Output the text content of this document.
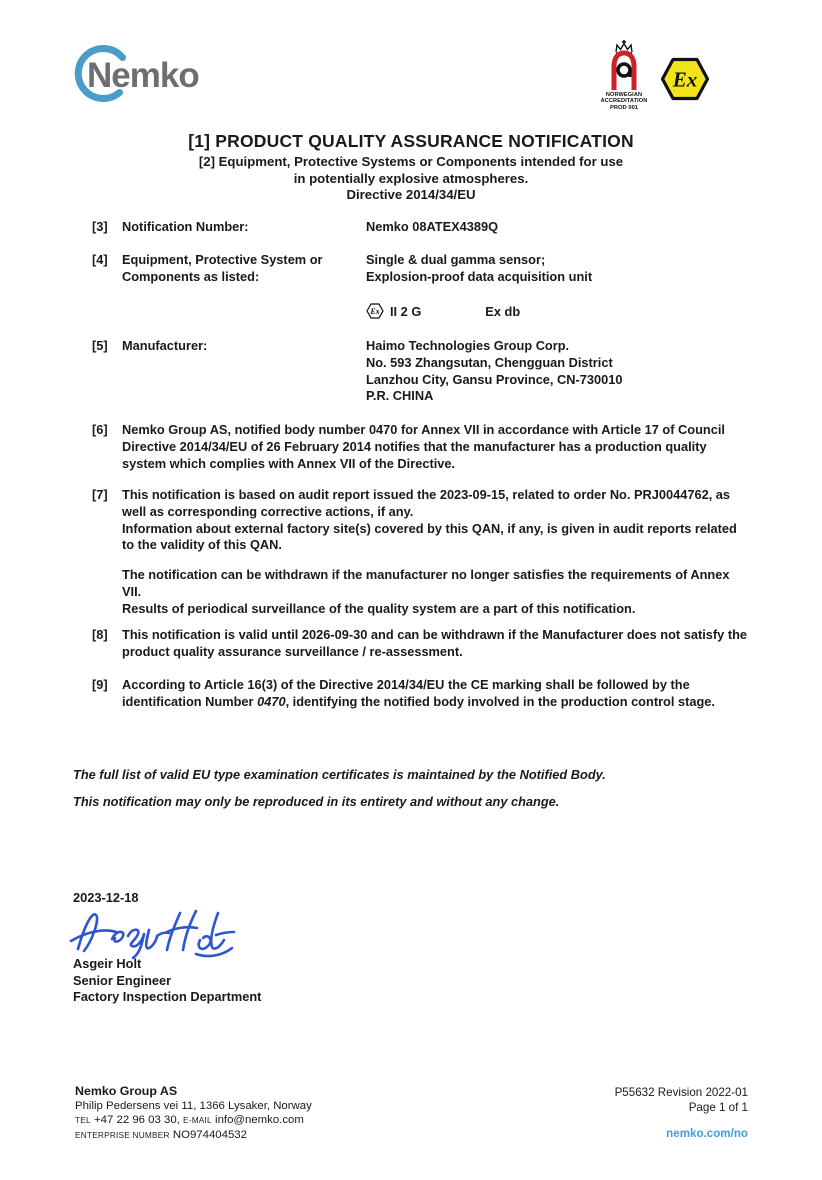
Nemko	NORWEGIAN
ACCREDITATION
PROD 001
Ex
[1] PRODUCT QUALITY ASSURANCE NOTIFICATION
[2] Equipment, Protective Systems or Components intended for use
in potentially explosive atmospheres.
Directive 2014/34/EU
[3]	Notification Number:	Nemko 08ATEX4389Q
[4]	Equipment, Protective System or
Components as listed:
Single & dual gamma sensor;
Explosion-proof data acquisition unit
Ex II 2 G	Ex db
[5]	Manufacturer:	Haimo Technologies Group Corp.
No. 593 Zhangsutan, Chengguan District
Lanzhou City, Gansu Province, CN-730010
P.R. CHINA
[6]	Nemko Group AS, notified body number 0470 for Annex VII in accordance with Article 17 of Council Directive 2014/34/EU of 26 February 2014 notifies that the manufacturer has a production quality system which complies with Annex VII of the Directive.
[7]	This notification is based on audit report issued the 2023-09-15, related to order No. PRJ0044762, as well as corresponding corrective actions, if any.
Information about external factory site(s) covered by this QAN, if any, is given in audit reports related to the validity of this QAN.
The notification can be withdrawn if the manufacturer no longer satisfies the requirements of Annex VII.
Results of periodical surveillance of the quality system are a part of this notification.
[8]	This notification is valid until 2026-09-30 and can be withdrawn if the Manufacturer does not satisfy the product quality assurance surveillance / re-assessment.
[9]	According to Article 16(3) of the Directive 2014/34/EU the CE marking shall be followed by the identification Number 0470, identifying the notified body involved in the production control stage.
The full list of valid EU type examination certificates is maintained by the Notified Body.
This notification may only be reproduced in its entirety and without any change.
2023-12-18
Asgeir Holt
Senior Engineer
Factory Inspection Department
Nemko Group AS
Philip Pedersens vei 11, 1366 Lysaker, Norway
TEL +47 22 96 03 30, E-MAIL info@nemko.com
ENTERPRISE NUMBER NO974404532
P55632 Revision 2022-01
Page 1 of 1
nemko.com/no
